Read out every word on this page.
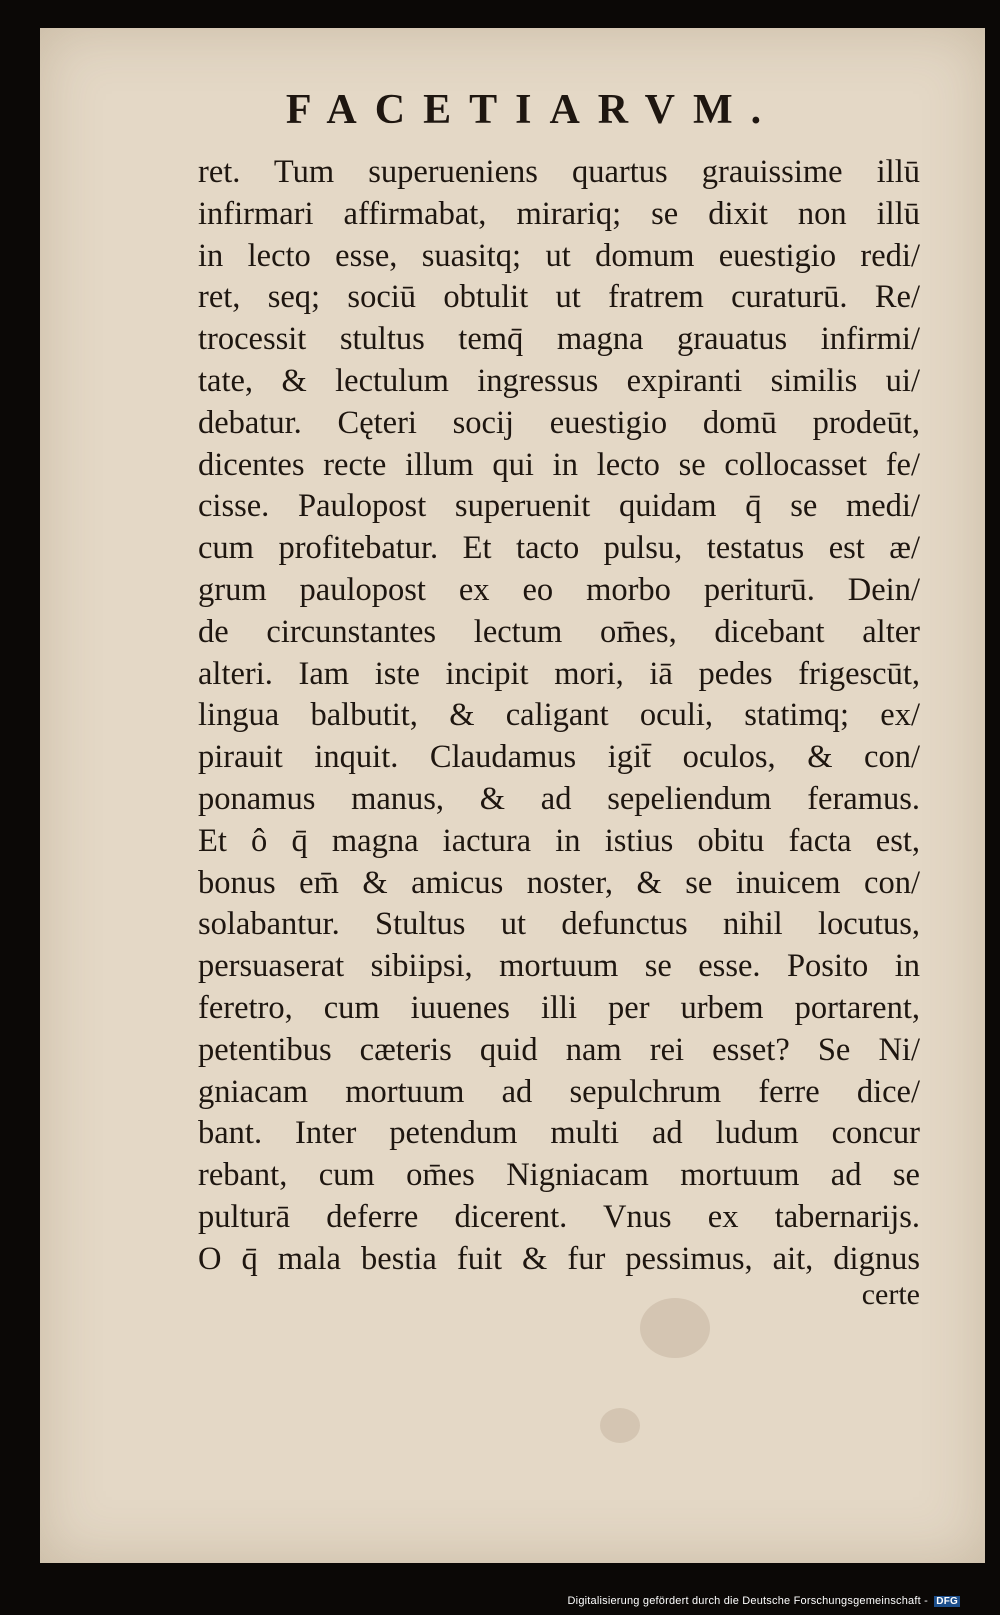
FACETIARVM.
ret. Tum superueniens quartus grauissime illū
infirmari affirmabat, mirariq; se dixit non illū
in lecto esse, suasitq; ut domum euestigio redi/
ret, seq; sociū obtulit ut fratrem curaturū. Re/
trocessit stultus temq̄ magna grauatus infirmi/
tate, & lectulum ingressus expiranti similis ui/
debatur. Cęteri socij euestigio domū prodeūt,
dicentes recte illum qui in lecto se collocasset fe/
cisse. Paulopost superuenit quidam q̄ se medi/
cum profitebatur. Et tacto pulsu, testatus est æ/
grum paulopost ex eo morbo periturū. Dein/
de circunstantes lectum om̄es, dicebant alter
alteri. Iam iste incipit mori, iā pedes frigescūt,
lingua balbutit, & caligant oculi, statimq; ex/
pirauit inquit. Claudamus igit̄ oculos, & con/
ponamus manus, & ad sepeliendum feramus.
Et ô q̄ magna iactura in istius obitu facta est,
bonus em̄ & amicus noster, & se inuicem con/
solabantur. Stultus ut defunctus nihil locutus,
persuaserat sibiipsi, mortuum se esse. Posito in
feretro, cum iuuenes illi per urbem portarent,
petentibus cæteris quid nam rei esset? Se Ni/
gniacam mortuum ad sepulchrum ferre dice/
bant. Inter petendum multi ad ludum concur
rebant, cum om̄es Nigniacam mortuum ad se
pulturā deferre dicerent. Vnus ex tabernarijs.
O q̄ mala bestia fuit & fur pessimus, ait, dignus
certe
Digitalisierung gefördert durch die Deutsche Forschungsgemeinschaft - DFG
